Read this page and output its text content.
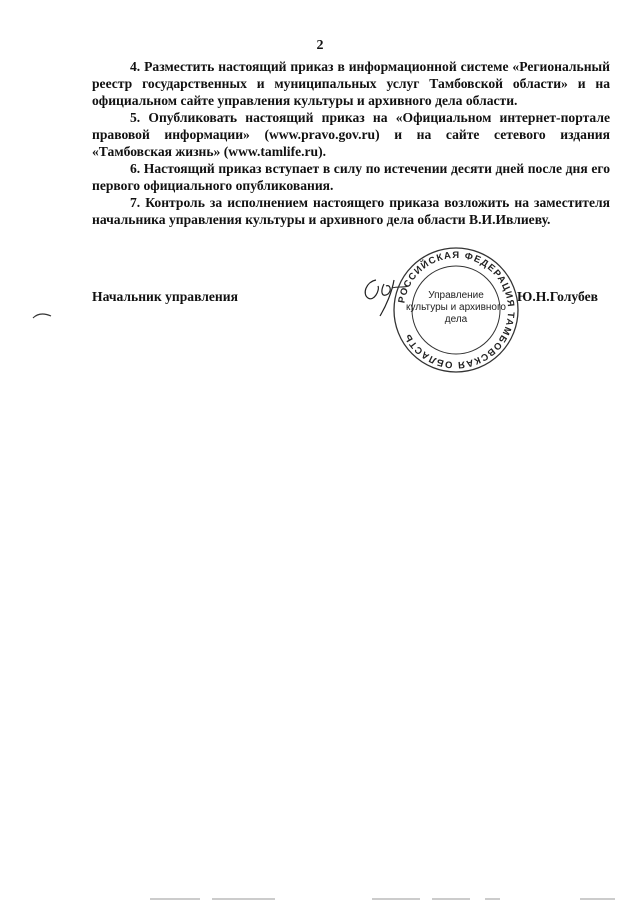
2

4. Разместить настоящий приказ в информационной системе «Региональный реестр государственных и муниципальных услуг Тамбовской области» и на официальном сайте управления культуры и архивного дела области.

5. Опубликовать настоящий приказ на «Официальном интернет-портале правовой информации» (www.pravo.gov.ru) и на сайте сетевого издания «Тамбовская жизнь» (www.tamlife.ru).

6. Настоящий приказ вступает в силу по истечении десяти дней после дня его первого официального опубликования.

7. Контроль за исполнением настоящего приказа возложить на заместителя начальника управления культуры и архивного дела области В.И.Ивлиеву.

Начальник управления	Ю.Н.Голубев
РОССИЙСКАЯ ФЕДЕРАЦИЯ ТАМБОВСКАЯ ОБЛАСТЬ
Управление
культуры и архивного
дела
